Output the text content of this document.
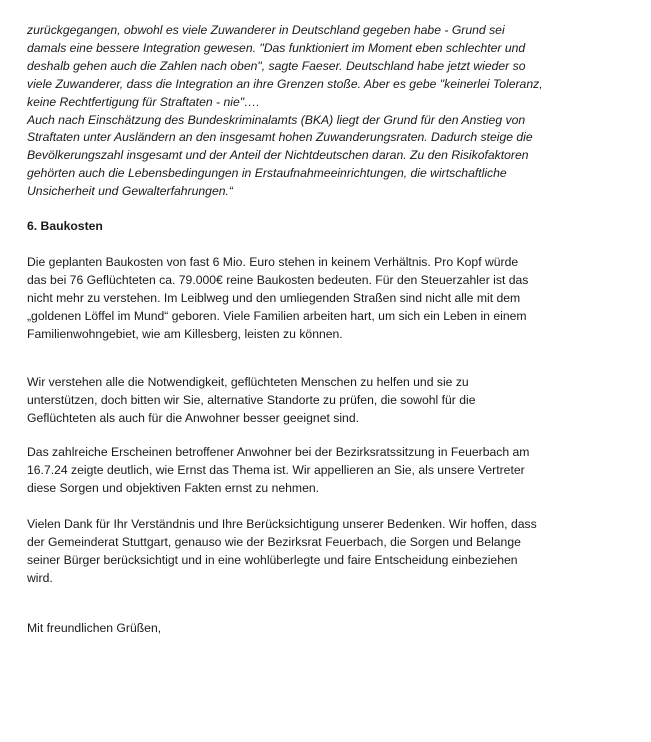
zurückgegangen, obwohl es viele Zuwanderer in Deutschland gegeben habe - Grund sei
damals eine bessere Integration gewesen. "Das funktioniert im Moment eben schlechter und
deshalb gehen auch die Zahlen nach oben", sagte Faeser. Deutschland habe jetzt wieder so
viele Zuwanderer, dass die Integration an ihre Grenzen stoße. Aber es gebe "keinerlei Toleranz,
keine Rechtfertigung für Straftaten - nie"….
Auch nach Einschätzung des Bundeskriminalamts (BKA) liegt der Grund für den Anstieg von
Straftaten unter Ausländern an den insgesamt hohen Zuwanderungsraten. Dadurch steige die
Bevölkerungszahl insgesamt und der Anteil der Nichtdeutschen daran. Zu den Risikofaktoren
gehörten auch die Lebensbedingungen in Erstaufnahmeeinrichtungen, die wirtschaftliche
Unsicherheit und Gewalterfahrungen.“
6. Baukosten
Die geplanten Baukosten von fast 6 Mio. Euro stehen in keinem Verhältnis. Pro Kopf würde
das bei 76 Geflüchteten ca. 79.000€ reine Baukosten bedeuten. Für den Steuerzahler ist das
nicht mehr zu verstehen. Im Leiblweg und den umliegenden Straßen sind nicht alle mit dem
„goldenen Löffel im Mund“ geboren. Viele Familien arbeiten hart, um sich ein Leben in einem
Familienwohngebiet, wie am Killesberg, leisten zu können.
Wir verstehen alle die Notwendigkeit, geflüchteten Menschen zu helfen und sie zu
unterstützen, doch bitten wir Sie, alternative Standorte zu prüfen, die sowohl für die
Geflüchteten als auch für die Anwohner besser geeignet sind.
Das zahlreiche Erscheinen betroffener Anwohner bei der Bezirksratssitzung in Feuerbach am
16.7.24 zeigte deutlich, wie Ernst das Thema ist. Wir appellieren an Sie, als unsere Vertreter
diese Sorgen und objektiven Fakten ernst zu nehmen.
Vielen Dank für Ihr Verständnis und Ihre Berücksichtigung unserer Bedenken. Wir hoffen, dass
der Gemeinderat Stuttgart, genauso wie der Bezirksrat Feuerbach, die Sorgen und Belange
seiner Bürger berücksichtigt und in eine wohlüberlegte und faire Entscheidung einbeziehen
wird.
Mit freundlichen Grüßen,
